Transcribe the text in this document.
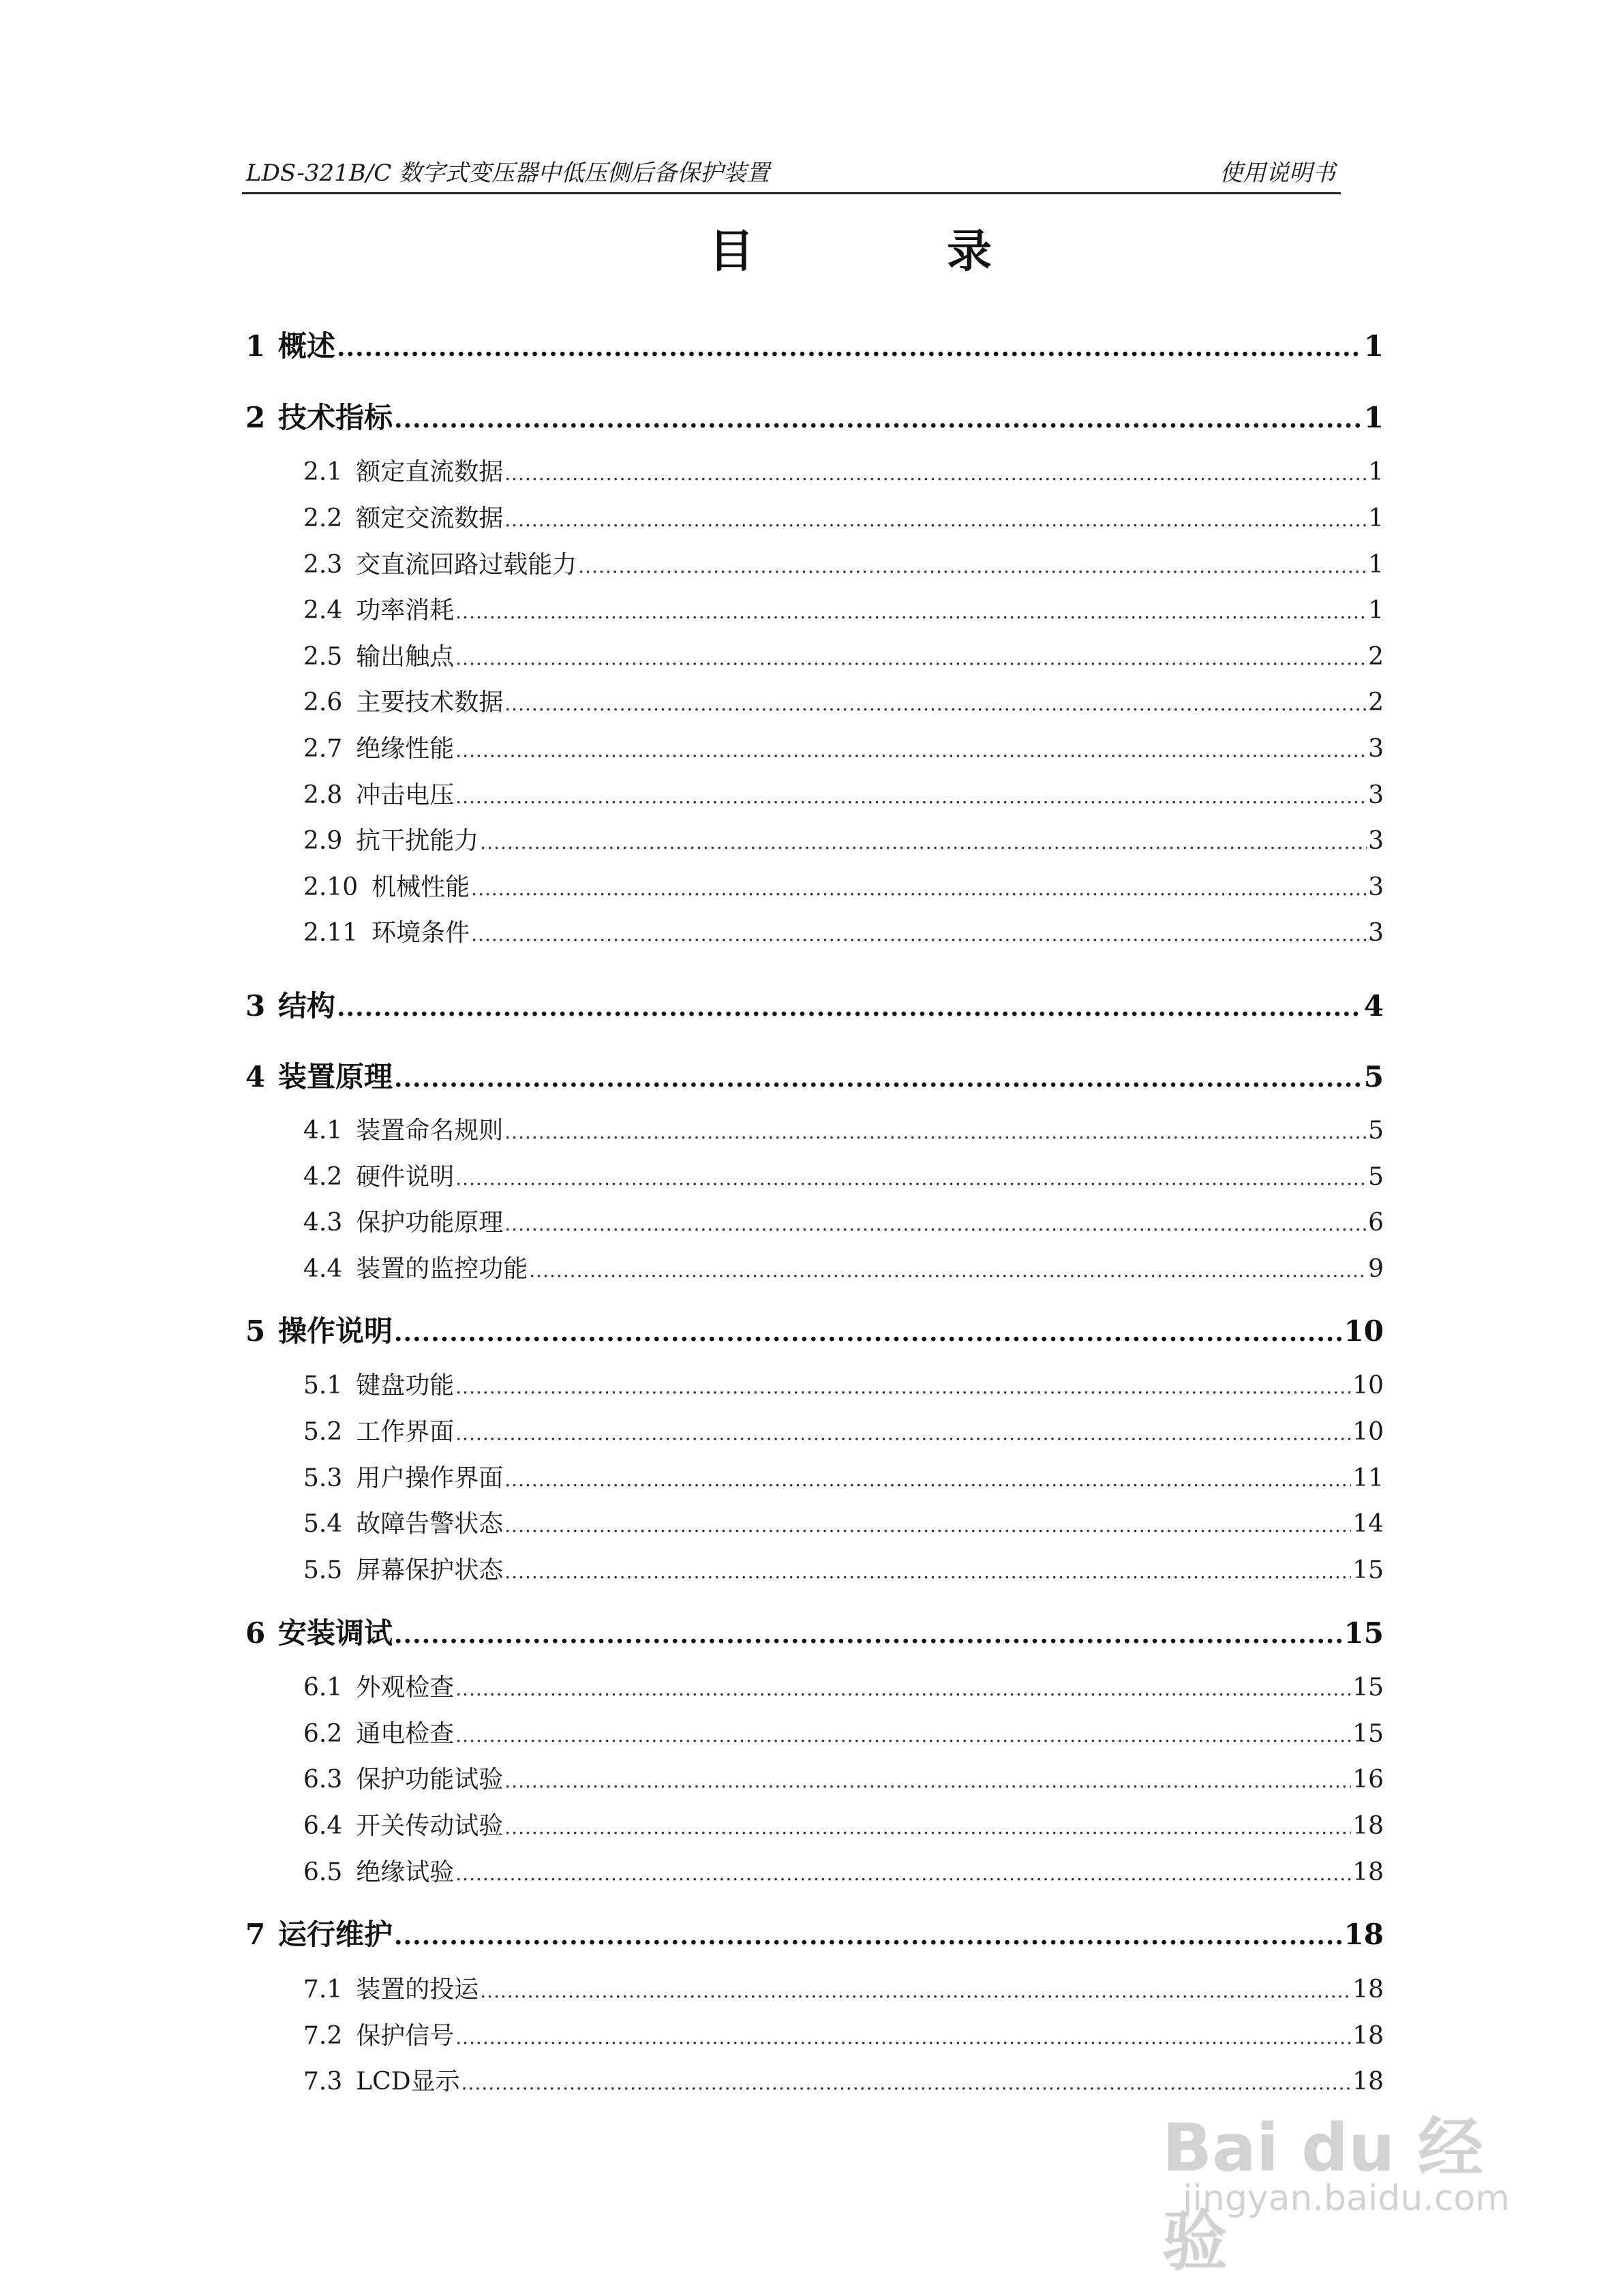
LDS-321B/C 数字式变压器中低压侧后备保护装置	使用说明书
目 录
1 概述 .....	1
2 技术指标 .....	1
2.1 额定直流数据 .....	1
2.2 额定交流数据 .....	1
2.3 交直流回路过载能力 .....	1
2.4 功率消耗 .....	1
2.5 输出触点 .....	2
2.6 主要技术数据 .....	2
2.7 绝缘性能 .....	3
2.8 冲击电压 .....	3
2.9 抗干扰能力 .....	3
2.10 机械性能 .....	3
2.11 环境条件 .....	3
3 结构 .....	4
4 装置原理 .....	5
4.1 装置命名规则 .....	5
4.2 硬件说明 .....	5
4.3 保护功能原理 .....	6
4.4 装置的监控功能 .....	9
5 操作说明 .....	10
5.1 键盘功能 .....	10
5.2 工作界面 .....	10
5.3 用户操作界面 .....	11
5.4 故障告警状态 .....	14
5.5 屏幕保护状态 .....	15
6 安装调试 .....	15
6.1 外观检查 .....	15
6.2 通电检查 .....	15
6.3 保护功能试验 .....	16
6.4 开关传动试验 .....	18
6.5 绝缘试验 .....	18
7 运行维护 .....	18
7.1 装置的投运 .....	18
7.2 保护信号 .....	18
7.3 LCD显示 .....	18
Bai du 经验
jingyan.baidu.com
